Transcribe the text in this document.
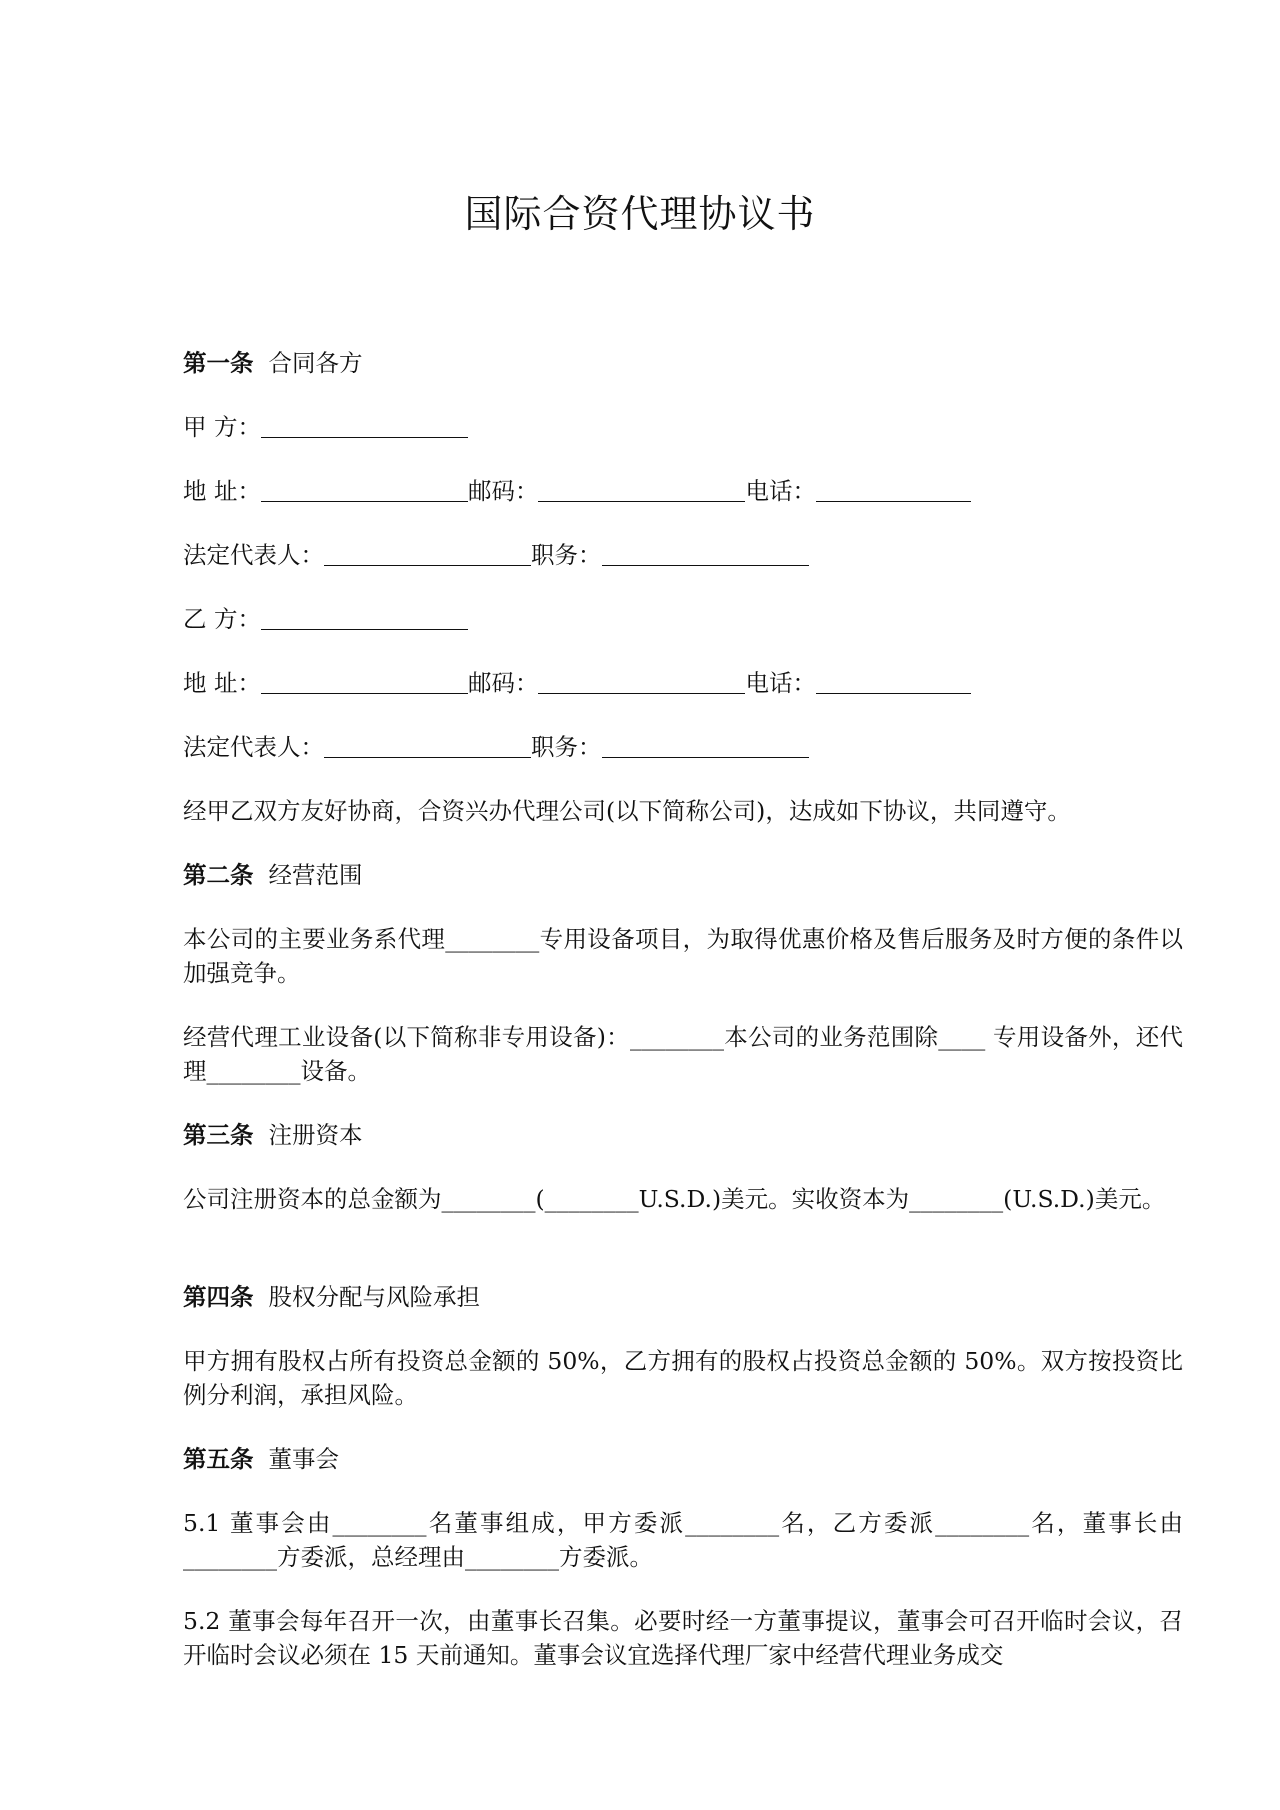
国际合资代理协议书
第一条 合同各方
甲 方：
地 址：	邮码：	电话：
法定代表人：	职务：
乙 方：
地 址：	邮码：	电话：
法定代表人：	职务：
经甲乙双方友好协商，合资兴办代理公司(以下简称公司)，达成如下协议，共同遵守。
第二条 经营范围
本公司的主要业务系代理________专用设备项目，为取得优惠价格及售后服务及时方便的条件以加强竞争。
经营代理工业设备(以下简称非专用设备)：________本公司的业务范围除____ 专用设备外，还代理________设备。
第三条 注册资本
公司注册资本的总金额为________(________U.S.D.)美元。实收资本为________(U.S.D.)美元。
第四条 股权分配与风险承担
甲方拥有股权占所有投资总金额的 50%，乙方拥有的股权占投资总金额的 50%。双方按投资比例分利润，承担风险。
第五条 董事会
5.1 董事会由________名董事组成，甲方委派________名，乙方委派________名，董事长由________方委派，总经理由________方委派。
5.2 董事会每年召开一次，由董事长召集。必要时经一方董事提议，董事会可召开临时会议，召开临时会议必须在 15 天前通知。董事会议宜选择代理厂家中经营代理业务成交
